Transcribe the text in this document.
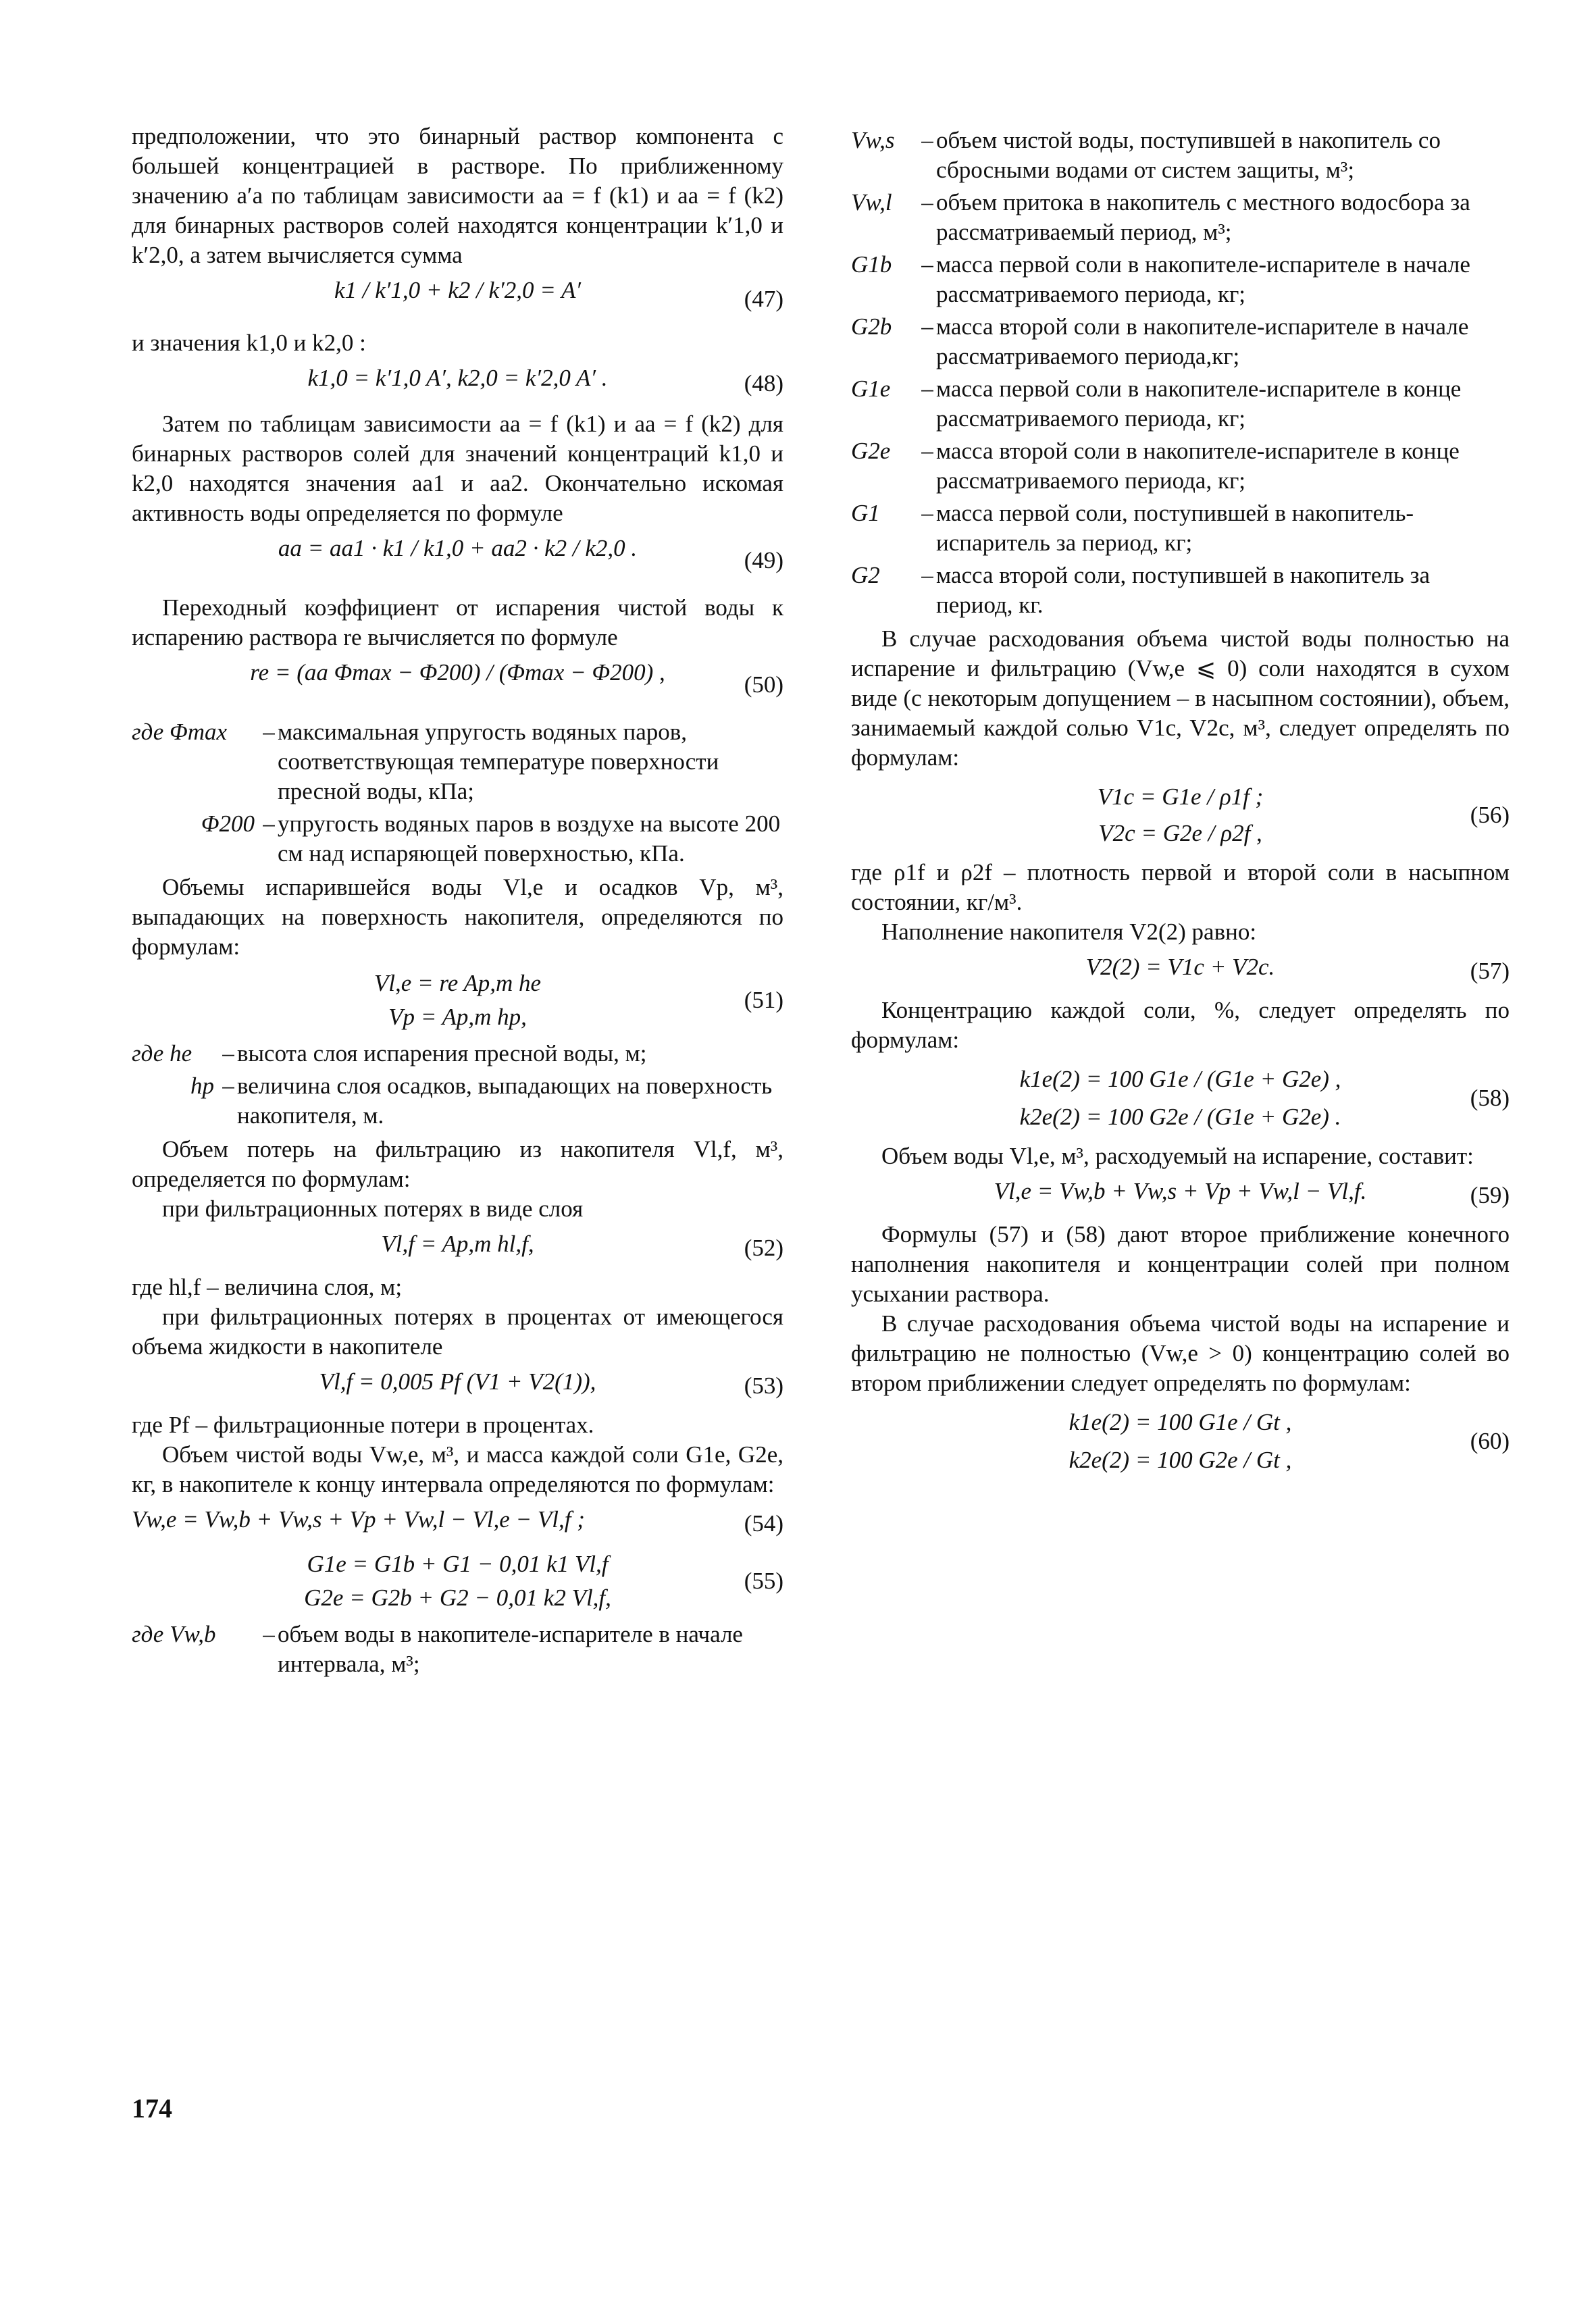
предположении, что это бинарный раствор компонента с большей концентрацией в растворе. По приближенному значению a′a по таблицам зависимости aa = f (k1) и aa = f (k2) для бинарных растворов солей находятся концентрации k′1,0 и k′2,0, а затем вычисляется сумма

k1 / k′1,0 + k2 / k′2,0 = A′	(47)

и значения k1,0 и k2,0 :

k1,0 = k′1,0 A′, k2,0 = k′2,0 A′ .	(48)

Затем по таблицам зависимости aa = f (k1) и aa = f (k2) для бинарных растворов солей для значений концентраций k1,0 и k2,0 находятся значения aa1 и aa2. Окончательно искомая активность воды определяется по формуле

aa = aa1 · k1 / k1,0 + aa2 · k2 / k2,0 .	(49)

Переходный коэффициент от испарения чистой воды к испарению раствора re вычисляется по формуле

re = (aa Φmax − Φ200) / (Φmax − Φ200) ,	(50)
где Φmax	– максимальная упругость водяных паров, соответствующая температуре поверхности пресной воды, кПа;
Φ200 – упругость водяных паров в воздухе на высоте 200 см над испаряющей поверхностью, кПа.

Объемы испарившейся воды Vl,e и осадков Vp, м³, выпадающих на поверхность накопителя, определяются по формулам:

Vl,e = re Ap,m he
Vp = Ap,m hp,
(51)
где he	– высота слоя испарения пресной воды, м;
hp – величина слоя осадков, выпадающих на поверхность накопителя, м.

Объем потерь на фильтрацию из накопителя Vl,f, м³, определяется по формулам:

при фильтрационных потерях в виде слоя

Vl,f = Ap,m hl,f,	(52)

где hl,f – величина слоя, м;

при фильтрационных потерях в процентах от имеющегося объема жидкости в накопителе

Vl,f = 0,005 Pf (V1 + V2(1)),	(53)

где Pf – фильтрационные потери в процентах.

Объем чистой воды Vw,e, м³, и масса каждой соли G1e, G2e, кг, в накопителе к концу интервала определяются по формулам:

Vw,e = Vw,b + Vw,s + Vp + Vw,l − Vl,e − Vl,f ;	(54)
G1e = G1b + G1 − 0,01 k1 Vl,f
G2e = G2b + G2 − 0,01 k2 Vl,f,
(55)
где Vw,b	– объем воды в накопителе-испарителе в начале интервала, м³;
Vw,s	– объем чистой воды, поступившей в накопитель со сбросными водами от систем защиты, м³;
Vw,l	– объем притока в накопитель с местного водосбора за рассматриваемый период, м³;
G1b	– масса первой соли в накопителе-испарителе в начале рассматриваемого периода, кг;
G2b	– масса второй соли в накопителе-испарителе в начале рассматриваемого периода,кг;
G1e	– масса первой соли в накопителе-испарителе в конце рассматриваемого периода, кг;
G2e	– масса второй соли в накопителе-испарителе в конце рассматриваемого периода, кг;
G1	– масса первой соли, поступившей в накопитель-испаритель за период, кг;
G2	– масса второй соли, поступившей в накопитель за период, кг.

В случае расходования объема чистой воды полностью на испарение и фильтрацию (Vw,e ⩽ 0) соли находятся в сухом виде (с некоторым допущением – в насыпном состоянии), объем, занимаемый каждой солью V1c, V2c, м³, следует определять по формулам:

V1c = G1e / ρ1f ;
V2c = G2e / ρ2f ,
(56)

где ρ1f и ρ2f – плотность первой и второй соли в насыпном состоянии, кг/м³.

Наполнение накопителя V2(2) равно:

V2(2) = V1c + V2c.	(57)

Концентрацию каждой соли, %, следует определять по формулам:

k1e(2) = 100 G1e / (G1e + G2e) ,
k2e(2) = 100 G2e / (G1e + G2e) .
(58)

Объем воды Vl,e, м³, расходуемый на испарение, составит:

Vl,e = Vw,b + Vw,s + Vp + Vw,l − Vl,f.	(59)

Формулы (57) и (58) дают второе приближение конечного наполнения накопителя и концентрации солей при полном усыхании раствора.

В случае расходования объема чистой воды на испарение и фильтрацию не полностью (Vw,e > 0) концентрацию солей во втором приближении следует определять по формулам:

k1e(2) = 100 G1e / Gt ,
k2e(2) = 100 G2e / Gt ,
(60)
174
